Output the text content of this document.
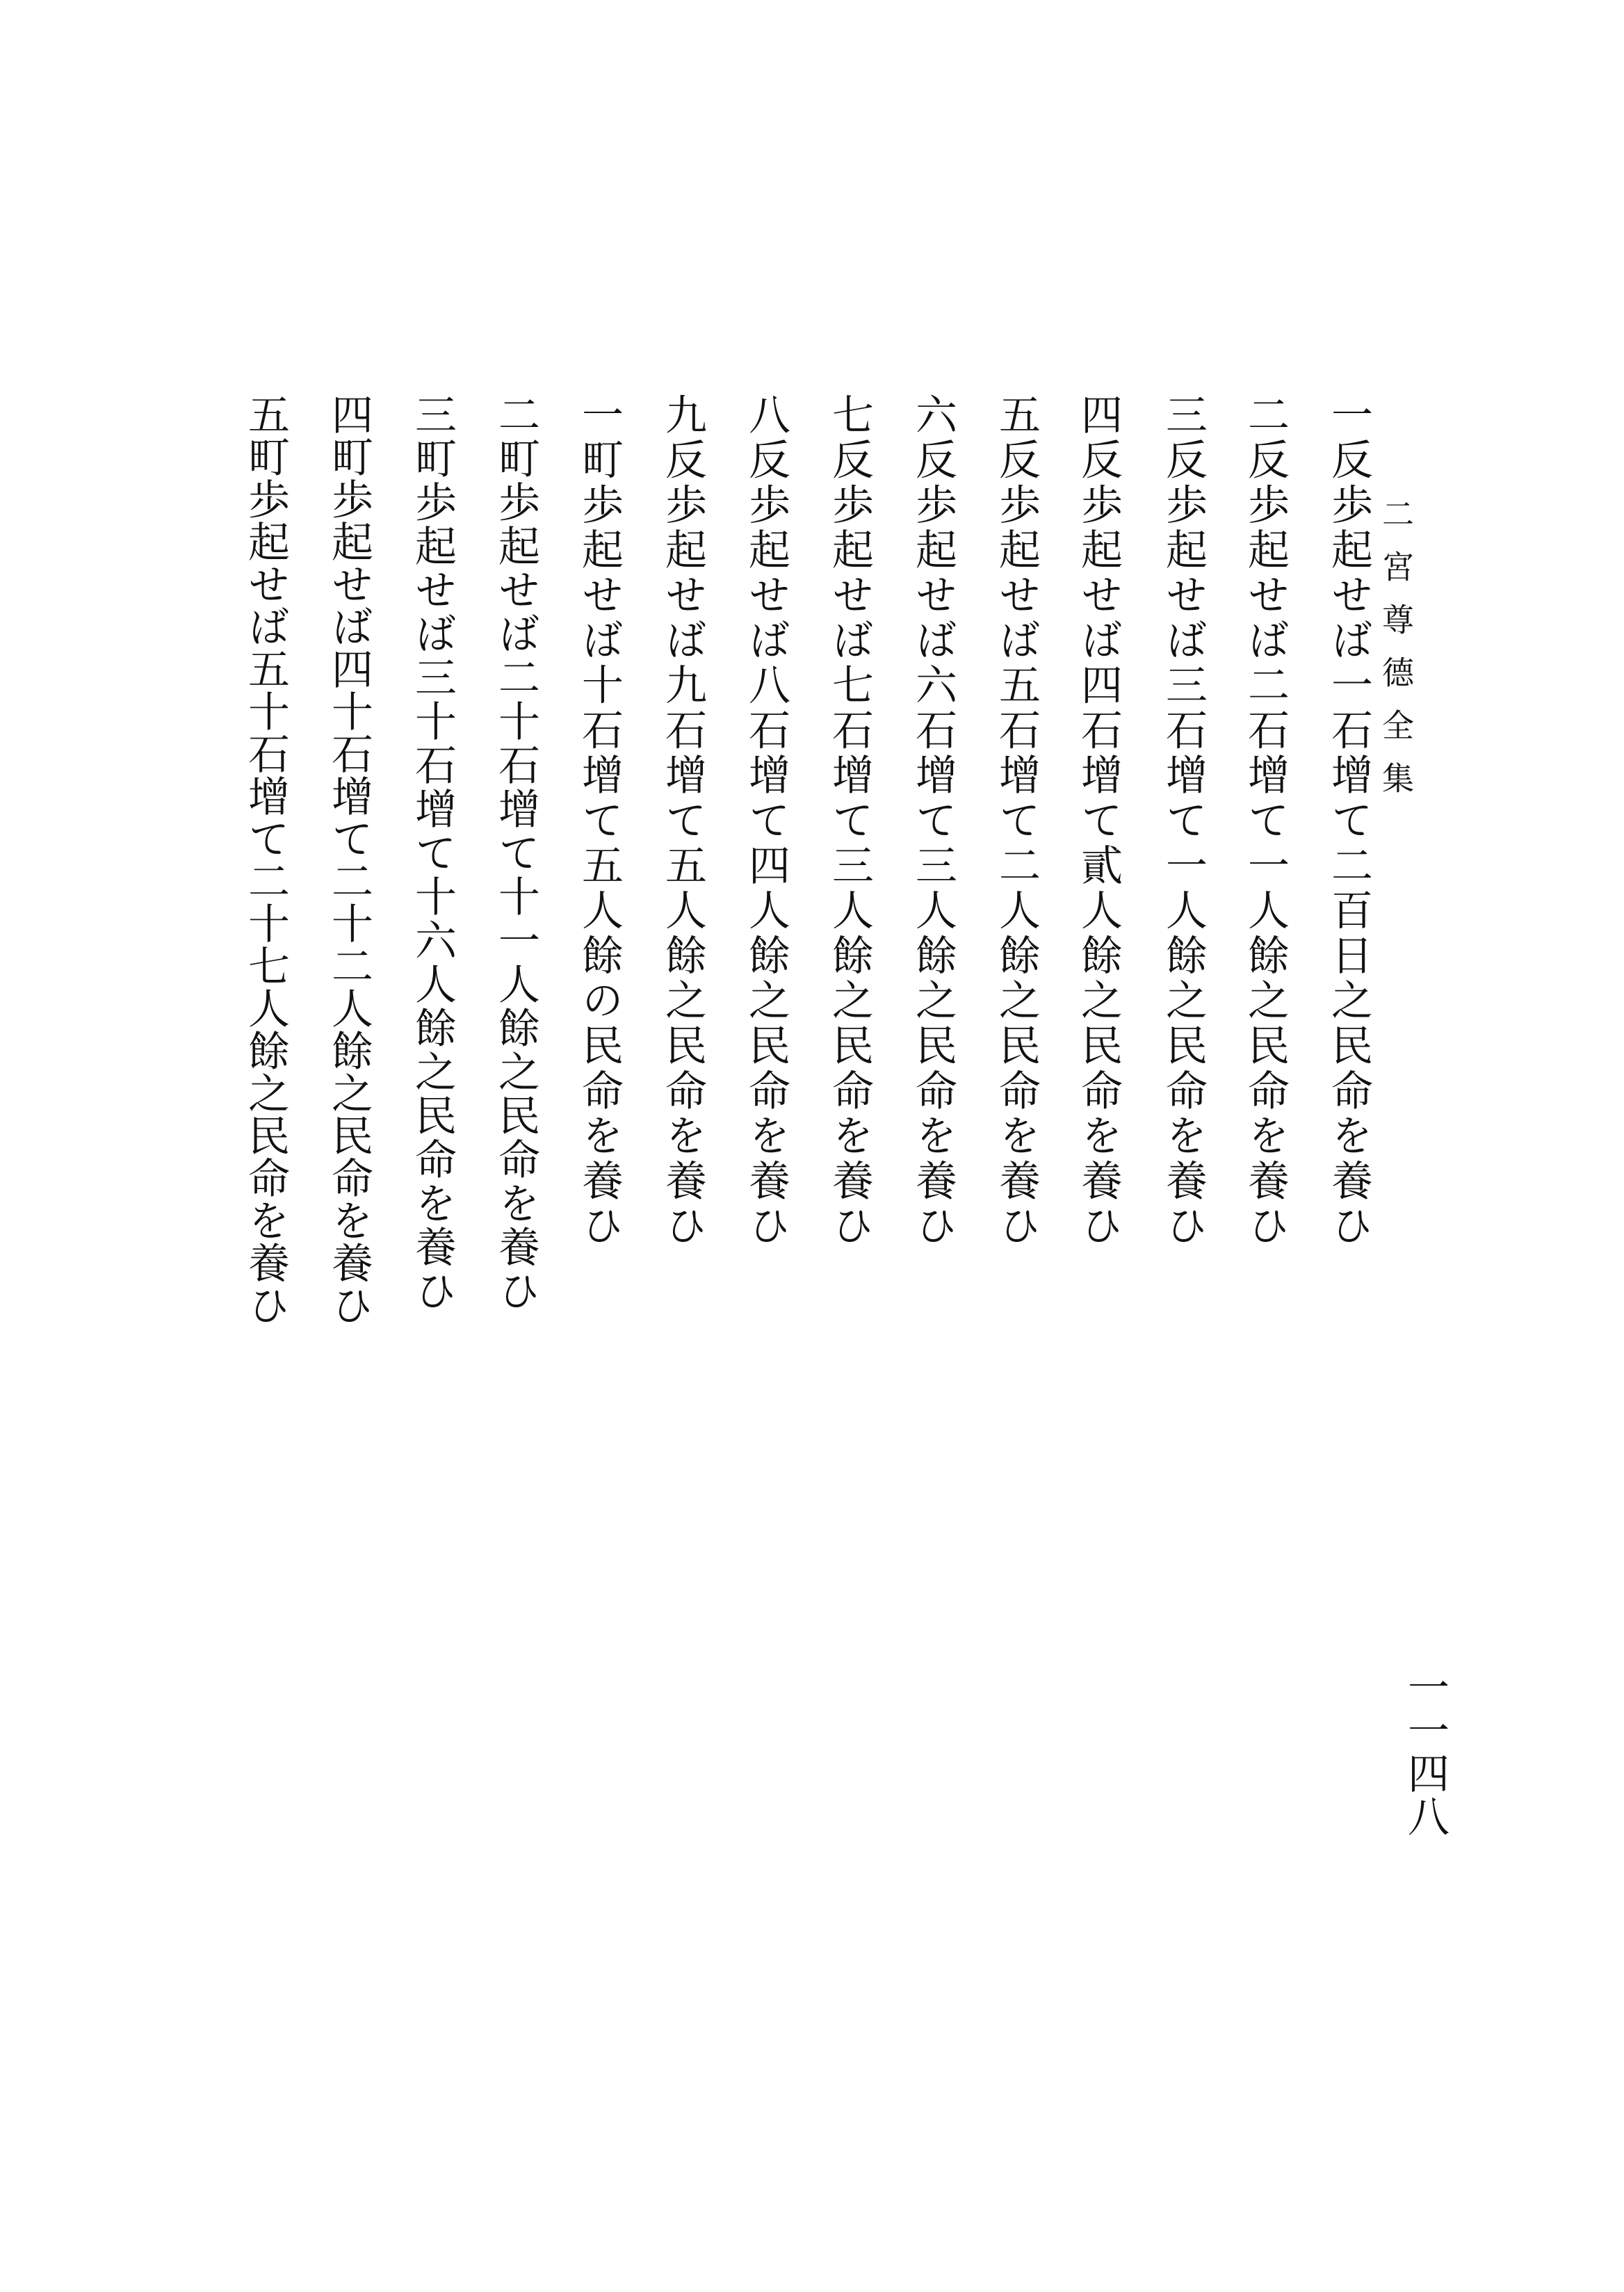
二宮尊德全集
一反歩起せば一石增て二百日之民命を養ひ
二反歩起せば二石增て一人餘之民命を養ひ
三反歩起せば三石增て一人餘之民命を養ひ
四反歩起せば四石增て貳人餘之民命を養ひ
五反歩起せば五石增て二人餘之民命を養ひ
六反歩起せば六石增て三人餘之民命を養ひ
七反歩起せば七石增て三人餘之民命を養ひ
八反歩起せば八石增て四人餘之民命を養ひ
九反歩起せば九石增て五人餘之民命を養ひ
一町歩起せば十石增て五人餘の民命を養ひ
二町歩起せば二十石增て十一人餘之民命を養ひ
三町歩起せば三十石增て十六人餘之民命を養ひ
四町歩起せば四十石增て二十二人餘之民命を養ひ
五町歩起せば五十石增て二十七人餘之民命を養ひ
一一四八
